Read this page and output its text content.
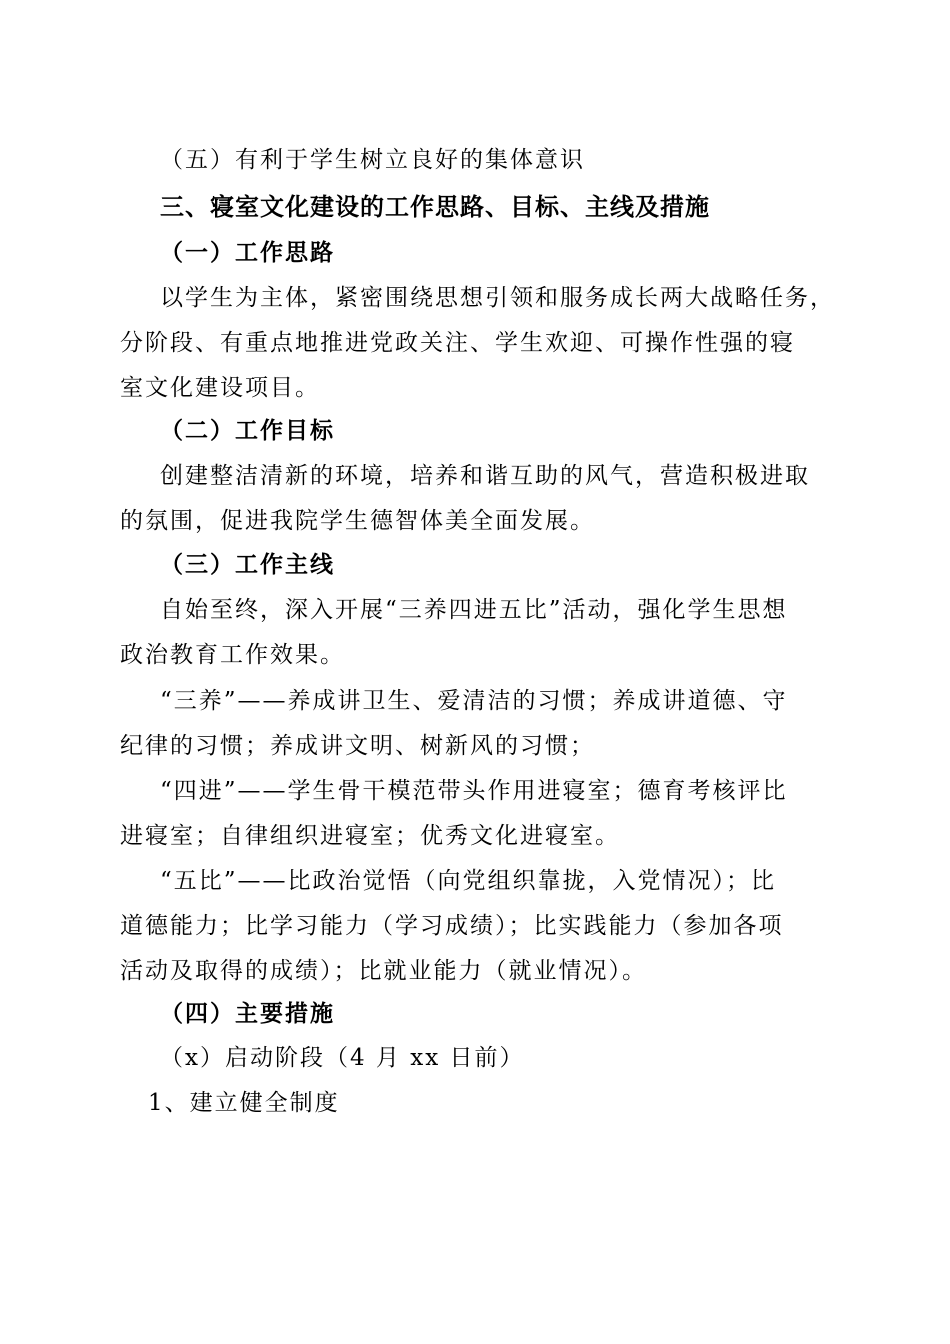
（五）有利于学生树立良好的集体意识
三、寝室文化建设的工作思路、目标、主线及措施
（一）工作思路
以学生为主体，紧密围绕思想引领和服务成长两大战略任务，
分阶段、有重点地推进党政关注、学生欢迎、可操作性强的寝
室文化建设项目。
（二）工作目标
创建整洁清新的环境，培养和谐互助的风气，营造积极进取
的氛围，促进我院学生德智体美全面发展。
（三）工作主线
自始至终，深入开展“三养四进五比”活动，强化学生思想
政治教育工作效果。
“三养”——养成讲卫生、爱清洁的习惯；养成讲道德、守
纪律的习惯；养成讲文明、树新风的习惯；
“四进”——学生骨干模范带头作用进寝室；德育考核评比
进寝室；自律组织进寝室；优秀文化进寝室。
“五比”——比政治觉悟（向党组织靠拢，入党情况）；比
道德能力；比学习能力（学习成绩）；比实践能力（参加各项
活动及取得的成绩）；比就业能力（就业情况）。
（四）主要措施
（x）启动阶段（4 月 xx 日前）
1、建立健全制度
